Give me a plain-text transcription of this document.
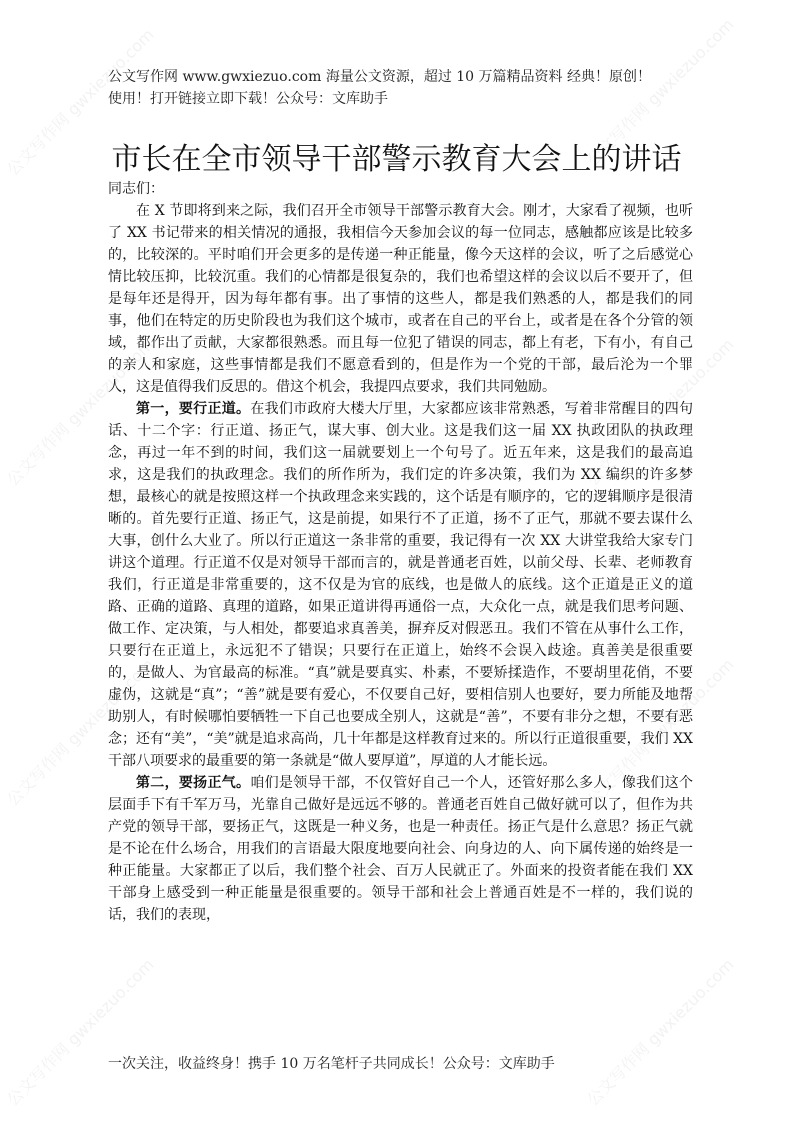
公文写作网 gwxiezuo.com	公文写作网 gwxiezuo.com
公文写作网 gwxiezuo.com	公文写作网 gwxiezuo.com
公文写作网 gwxiezuo.com	公文写作网 gwxiezuo.com
公文写作网 gwxiezuo.com	公文写作网 gwxiezuo.com
公文写作网 www.gwxiezuo.com 海量公文资源，超过 10 万篇精品资料 经典！原创！
使用！打开链接立即下载！公众号：文库助手
市长在全市领导干部警示教育大会上的讲话

同志们：

在 X 节即将到来之际，我们召开全市领导干部警示教育大会。刚才，大家看了视频，也听了 XX 书记带来的相关情况的通报，我相信今天参加会议的每一位同志，感触都应该是比较多的，比较深的。平时咱们开会更多的是传递一种正能量，像今天这样的会议，听了之后感觉心情比较压抑，比较沉重。我们的心情都是很复杂的，我们也希望这样的会议以后不要开了，但是每年还是得开，因为每年都有事。出了事情的这些人，都是我们熟悉的人，都是我们的同事，他们在特定的历史阶段也为我们这个城市，或者在自己的平台上，或者是在各个分管的领域，都作出了贡献，大家都很熟悉。而且每一位犯了错误的同志，都上有老，下有小，有自己的亲人和家庭，这些事情都是我们不愿意看到的，但是作为一个党的干部，最后沦为一个罪人，这是值得我们反思的。借这个机会，我提四点要求，我们共同勉励。

第一，要行正道。在我们市政府大楼大厅里，大家都应该非常熟悉，写着非常醒目的四句话、十二个字：行正道、扬正气，谋大事、创大业。这是我们这一届 XX 执政团队的执政理念，再过一年不到的时间，我们这一届就要划上一个句号了。近五年来，这是我们的最高追求，这是我们的执政理念。我们的所作所为，我们定的许多决策，我们为 XX 编织的许多梦想，最核心的就是按照这样一个执政理念来实践的，这个话是有顺序的，它的逻辑顺序是很清晰的。首先要行正道、扬正气，这是前提，如果行不了正道，扬不了正气，那就不要去谋什么大事，创什么大业了。所以行正道这一条非常的重要，我记得有一次 XX 大讲堂我给大家专门讲这个道理。行正道不仅是对领导干部而言的，就是普通老百姓，以前父母、长辈、老师教育我们，行正道是非常重要的，这不仅是为官的底线，也是做人的底线。这个正道是正义的道路、正确的道路、真理的道路，如果正道讲得再通俗一点，大众化一点，就是我们思考问题、做工作、定决策，与人相处，都要追求真善美，摒弃反对假恶丑。我们不管在从事什么工作，只要行在正道上，永远犯不了错误；只要行在正道上，始终不会误入歧途。真善美是很重要的，是做人、为官最高的标准。“真”就是要真实、朴素，不要矫揉造作，不要胡里花俏，不要虚伪，这就是“真”；“善”就是要有爱心，不仅要自己好，要相信别人也要好，要力所能及地帮助别人，有时候哪怕要牺牲一下自己也要成全别人，这就是“善”，不要有非分之想，不要有恶念；还有“美”，“美”就是追求高尚，几十年都是这样教育过来的。所以行正道很重要，我们 XX 干部八项要求的最重要的第一条就是“做人要厚道”，厚道的人才能长远。

第二，要扬正气。咱们是领导干部，不仅管好自己一个人，还管好那么多人，像我们这个层面手下有千军万马，光靠自己做好是远远不够的。普通老百姓自己做好就可以了，但作为共产党的领导干部，要扬正气，这既是一种义务，也是一种责任。扬正气是什么意思？扬正气就是不论在什么场合，用我们的言语最大限度地要向社会、向身边的人、向下属传递的始终是一种正能量。大家都正了以后，我们整个社会、百万人民就正了。外面来的投资者能在我们 XX 干部身上感受到一种正能量是很重要的。领导干部和社会上普通百姓是不一样的，我们说的话，我们的表现，

一次关注，收益终身！携手 10 万名笔杆子共同成长！公众号：文库助手
